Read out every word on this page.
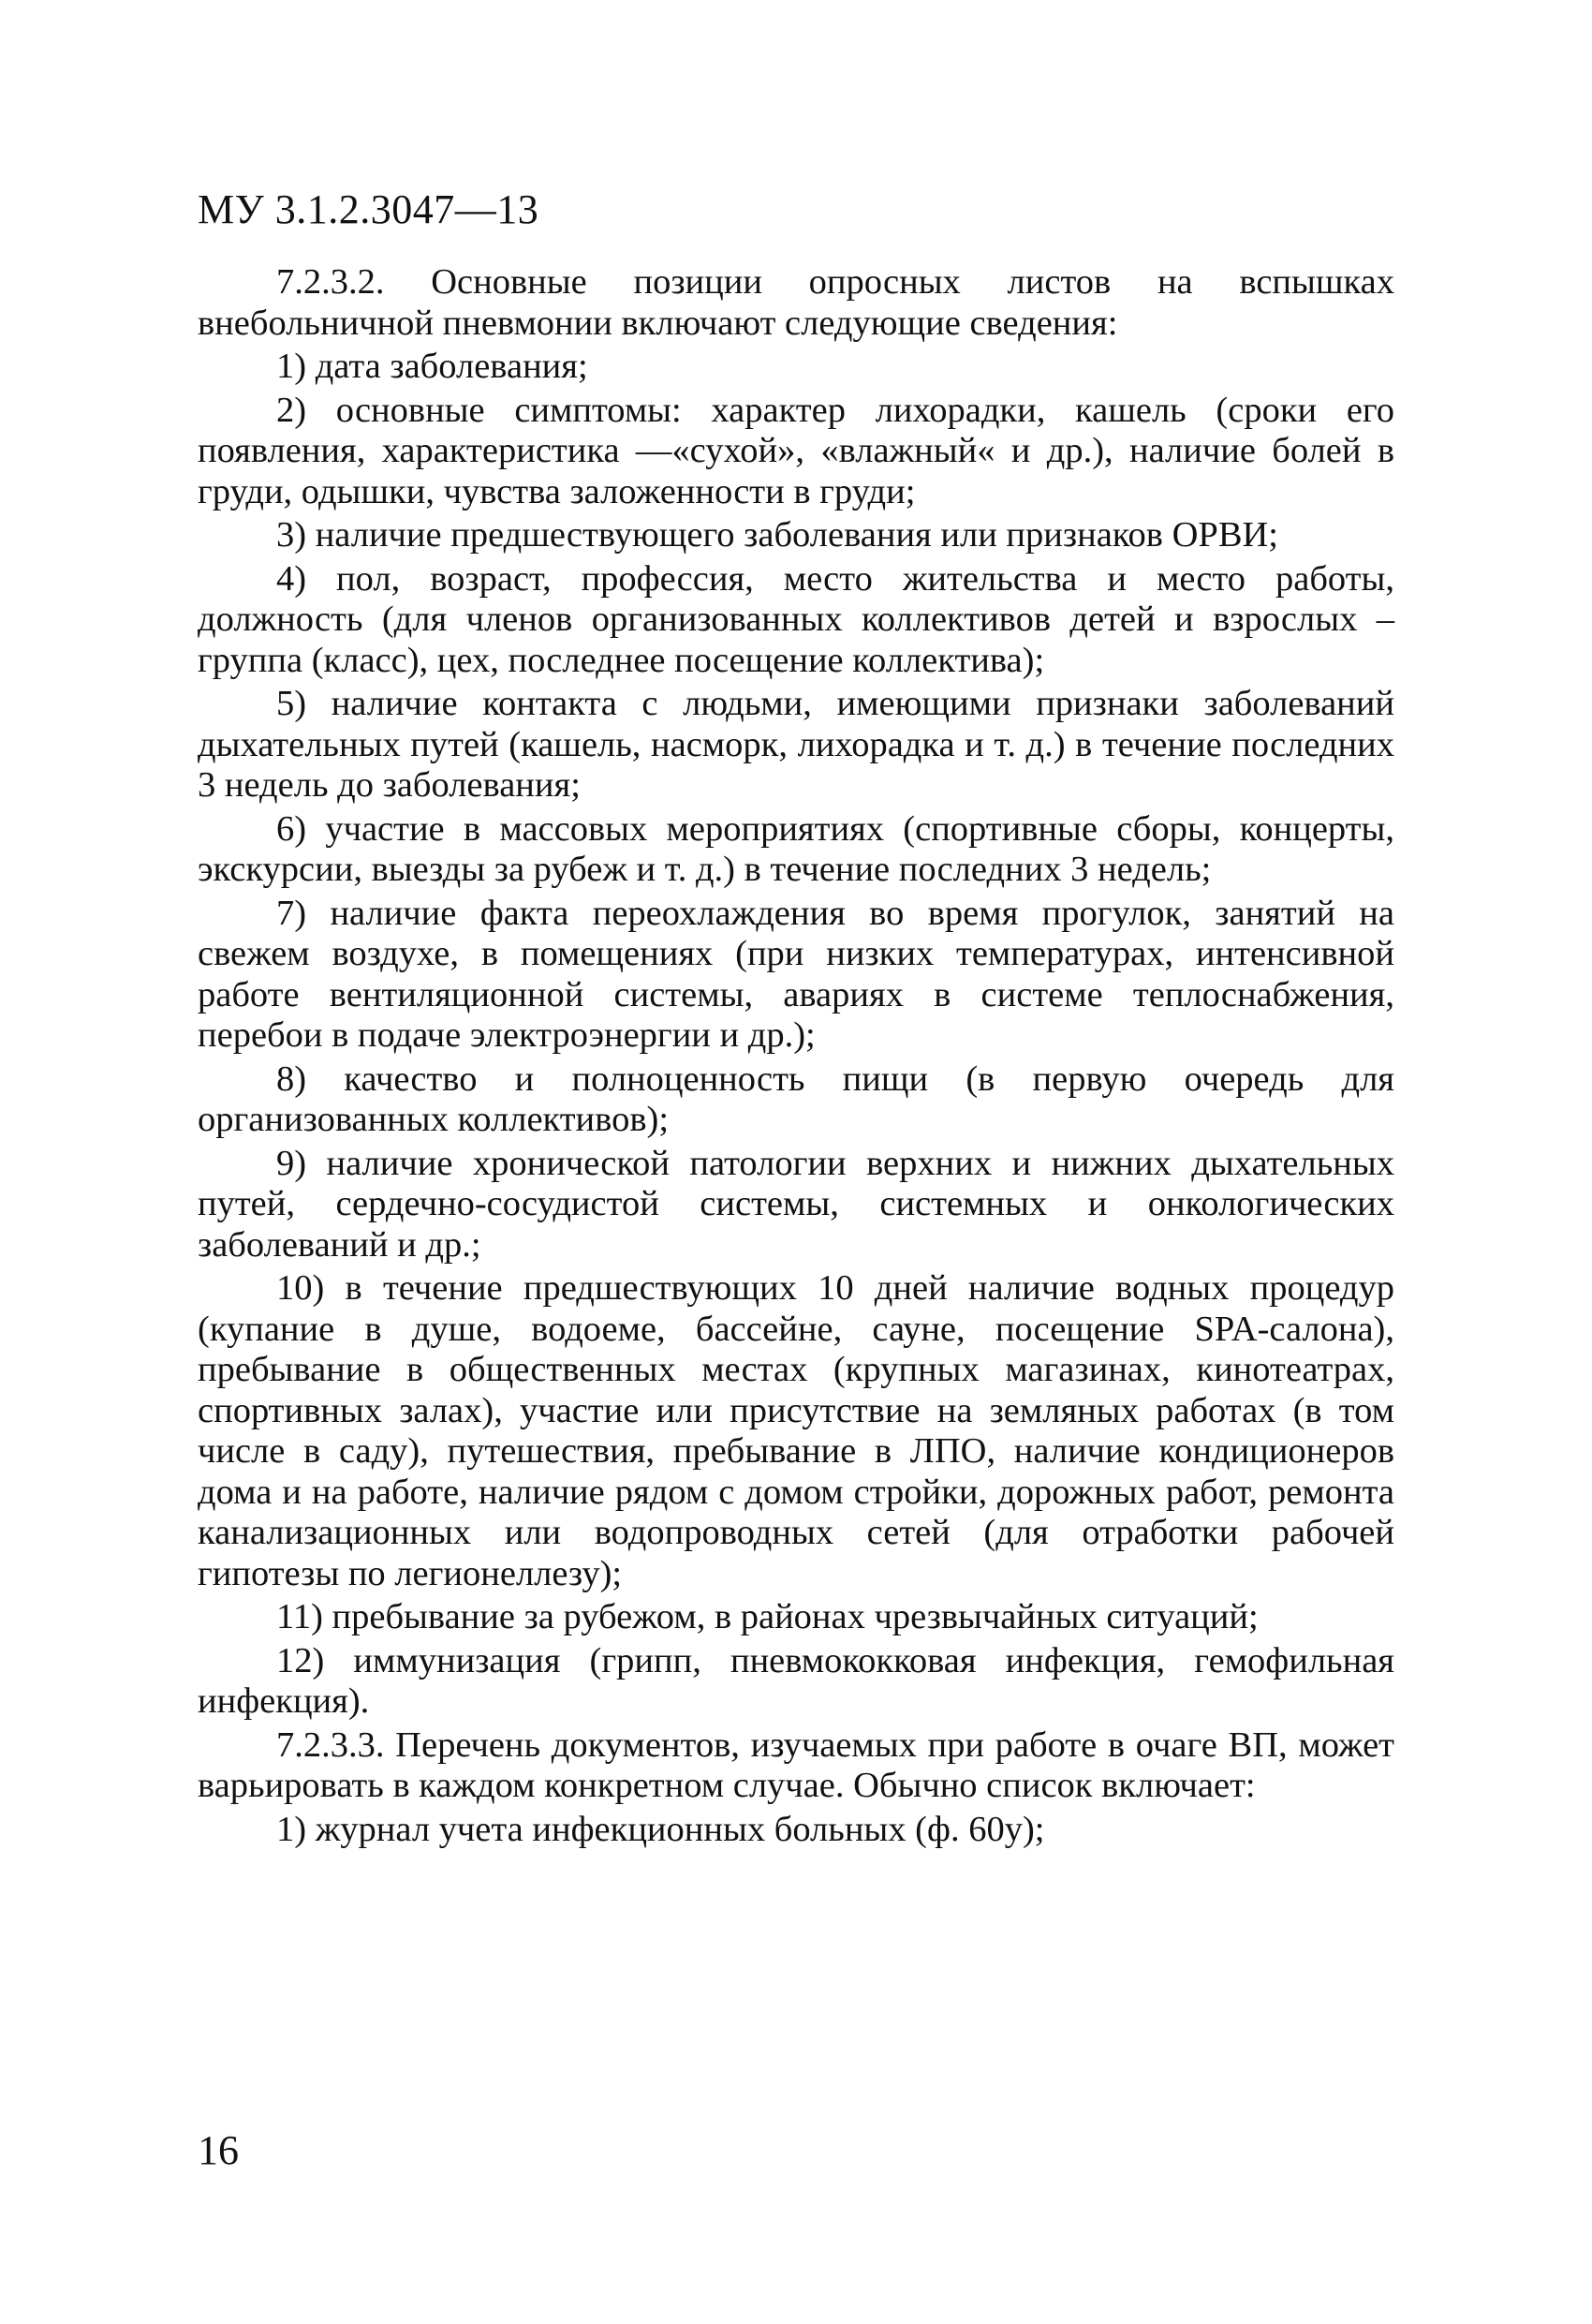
МУ 3.1.2.3047—13

7.2.3.2. Основные позиции опросных листов на вспышках внебольничной пневмонии включают следующие сведения:

1) дата заболевания;

2) основные симптомы: характер лихорадки, кашель (сроки его появления, характеристика —«сухой», «влажный« и др.), наличие болей в груди, одышки, чувства заложенности в груди;

3) наличие предшествующего заболевания или признаков ОРВИ;

4) пол, возраст, профессия, место жительства и место работы, должность (для членов организованных коллективов детей и взрослых – группа (класс), цех, последнее посещение коллектива);

5) наличие контакта с людьми, имеющими признаки заболеваний дыхательных путей (кашель, насморк, лихорадка и т. д.) в течение последних 3 недель до заболевания;

6) участие в массовых мероприятиях (спортивные сборы, концерты, экскурсии, выезды за рубеж и т. д.) в течение последних 3 недель;

7) наличие факта переохлаждения во время прогулок, занятий на свежем воздухе, в помещениях (при низких температурах, интенсивной работе вентиляционной системы, авариях в системе теплоснабжения, перебои в подаче электроэнергии и др.);

8) качество и полноценность пищи (в первую очередь для организованных коллективов);

9) наличие хронической патологии верхних и нижних дыхательных путей, сердечно-сосудистой системы, системных и онкологических заболеваний и др.;

10) в течение предшествующих 10 дней наличие водных процедур (купание в душе, водоеме, бассейне, сауне, посещение SPA-салона), пребывание в общественных местах (крупных магазинах, кинотеатрах, спортивных залах), участие или присутствие на земляных работах (в том числе в саду), путешествия, пребывание в ЛПО, наличие кондиционеров дома и на работе, наличие рядом с домом стройки, дорожных работ, ремонта канализационных или водопроводных сетей (для отработки рабочей гипотезы по легионеллезу);

11) пребывание за рубежом, в районах чрезвычайных ситуаций;

12) иммунизация (грипп, пневмококковая инфекция, гемофильная инфекция).

7.2.3.3. Перечень документов, изучаемых при работе в очаге ВП, может варьировать в каждом конкретном случае. Обычно список включает:

1) журнал учета инфекционных больных (ф. 60у);

16
